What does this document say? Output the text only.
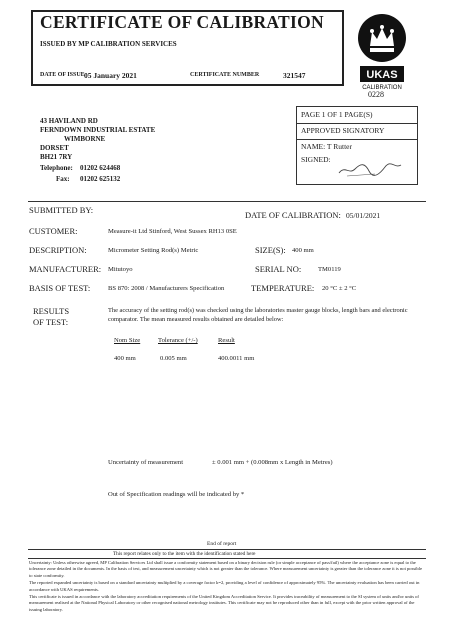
CERTIFICATE OF CALIBRATION
ISSUED BY MP CALIBRATION SERVICES
DATE OF ISSUE 05 January 2021	CERTIFICATE NUMBER	321547	UKAS
CALIBRATION
0228
43 HAVILAND RD
FERNDOWN INDUSTRIAL ESTATE
WIMBORNE
DORSET
BH21 7RY
Telephone: 01202 624468
Fax: 01202 625132
PAGE 1 OF 1 PAGE(S)
APPROVED SIGNATORY
NAME: T Rutter
SIGNED:
SUBMITTED BY:	DATE OF CALIBRATION: 05/01/2021
CUSTOMER:	Measure-it Ltd Stinford, West Sussex RH13 0SE
DESCRIPTION:	Micrometer Setting Rod(s) Metric	SIZE(S): 400 mm
MANUFACTURER: Mitutoyo	SERIAL NO:	TM0119
BASIS OF TEST:	BS 870: 2008 / Manufacturers Specification	TEMPERATURE: 20 °C ± 2 °C
RESULTS
OF TEST:
The accuracy of the setting rod(s) was checked using the laboratories master gauge blocks, length bars and electronic comparator. The mean measured results obtained are detailed below:
Nom Size	Tolerance (+/-)	Result
400 mm	0.005 mm	400.0011 mm
Uncertainty of measurement	± 0.001 mm + (0.008mm x Length in Metres)
Out of Specification readings will be indicated by *
End of report
This report relates only to the item with the identification stated here

Uncertainty: Unless otherwise agreed, MP Calibration Services Ltd shall issue a conformity statement based on a binary decision rule (or simple acceptance of pass/fail) where the acceptance zone is equal to the tolerance zone detailed in the documents. In the basis of test, and measurement uncertainty which is not greater than the tolerance. Where measurement uncertainty is greater than the tolerance zone it is not possible to state conformity.

The reported expanded uncertainty is based on a standard uncertainty multiplied by a coverage factor k=2, providing a level of confidence of approximately 95%. The uncertainty evaluation has been carried out in accordance with UKAS requirements.

This certificate is issued in accordance with the laboratory accreditation requirements of the United Kingdom Accreditation Service. It provides traceability of measurement to the SI system of units and/or units of measurement realised at the National Physical Laboratory or other recognised national metrology institutes. This certificate may not be reproduced other than in full, except with the prior written approval of the issuing laboratory.
